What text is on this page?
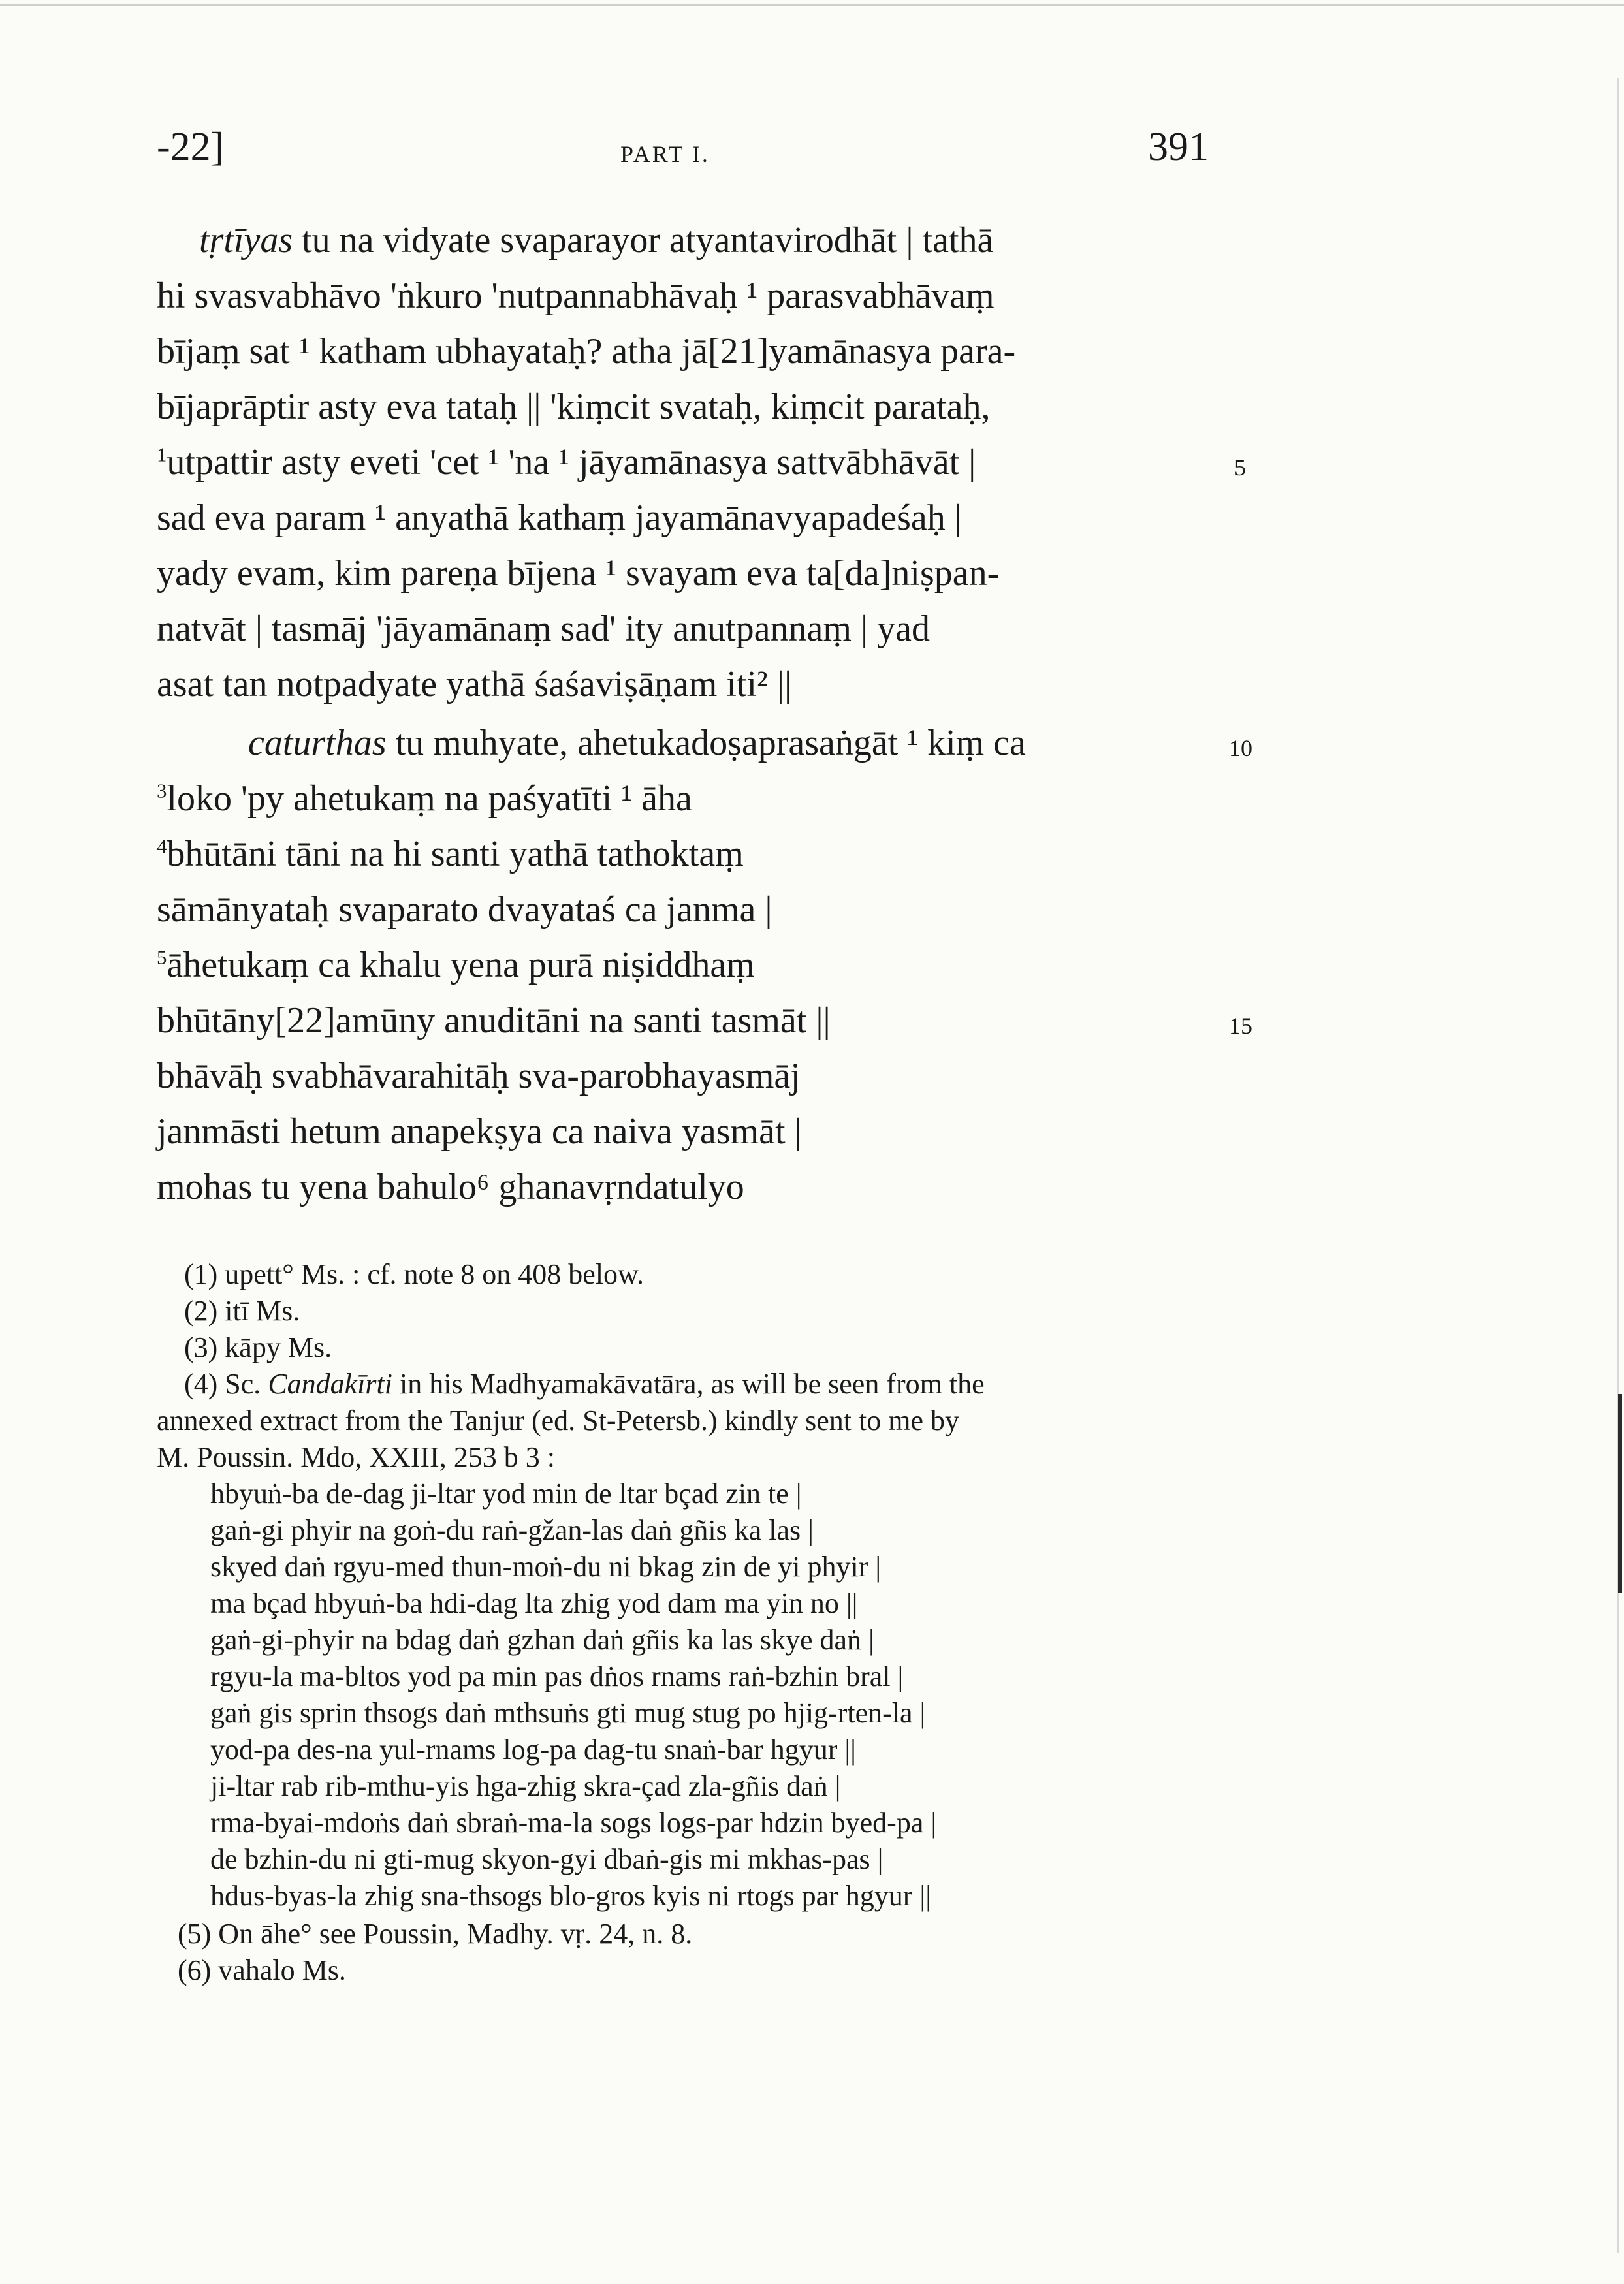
-22]	PART I.	391
tṛtīyas tu na vidyate svaparayor atyantavirodhāt | tathā
hi svasvabhāvo 'ṅkuro 'nutpannabhāvaḥ ¹ parasvabhāvaṃ
bījaṃ sat ¹ katham ubhayataḥ? atha jā[21]yamānasya para-
bījaprāptir asty eva tataḥ || 'kiṃcit svataḥ, kiṃcit parataḥ,
$^1$utpattir asty eveti 'cet ¹ 'na ¹ jāyamānasya sattvābhāvāt |
sad eva param ¹ anyathā kathaṃ jayamānavyapadeśaḥ |
yady evam, kim pareṇa bījena ¹ svayam eva ta[da]niṣpan-
natvāt | tasmāj 'jāyamānaṃ sad' ity anutpannaṃ | yad
asat tan notpadyate yathā śaśaviṣāṇam iti² ||
caturthas tu muhyate, ahetukadoṣaprasaṅgāt ¹ kiṃ ca
$^3$loko 'py ahetukaṃ na paśyatīti ¹ āha
$^4$bhūtāni tāni na hi santi yathā tathoktaṃ
sāmānyataḥ svaparato dvayataś ca janma |
$^5$āhetukaṃ ca khalu yena purā niṣiddhaṃ
bhūtāny[22]amūny anuditāni na santi tasmāt ||
bhāvāḥ svabhāvarahitāḥ sva-parobhayasmāj
janmāsti hetum anapekṣya ca naiva yasmāt |
mohas tu yena bahulo⁶ ghanavṛndatulyo
5
10
15
(1) upett° Ms. : cf. note 8 on 408 below.
(2) itī Ms.
(3) kāpy Ms.
(4) Sc. Candakīrti in his Madhyamakāvatāra, as will be seen from the
annexed extract from the Tanjur (ed. St-Petersb.) kindly sent to me by
M. Poussin. Mdo, XXIII, 253 b 3 :
hbyuṅ-ba de-dag ji-ltar yod min de ltar bçad zin te |
gaṅ-gi phyir na goṅ-du raṅ-gžan-las daṅ gñis ka las |
skyed daṅ rgyu-med thun-moṅ-du ni bkag zin de yi phyir |
ma bçad hbyuṅ-ba hdi-dag lta zhig yod dam ma yin no ||
gaṅ-gi-phyir na bdag daṅ gzhan daṅ gñis ka las skye daṅ |
rgyu-la ma-bltos yod pa min pas dṅos rnams raṅ-bzhin bral |
gaṅ gis sprin thsogs daṅ mthsuṅs gti mug stug po hjig-rten-la |
yod-pa des-na yul-rnams log-pa dag-tu snaṅ-bar hgyur ||
ji-ltar rab rib-mthu-yis hga-zhig skra-çad zla-gñis daṅ |
rma-byai-mdoṅs daṅ sbraṅ-ma-la sogs logs-par hdzin byed-pa |
de bzhin-du ni gti-mug skyon-gyi dbaṅ-gis mi mkhas-pas |
hdus-byas-la zhig sna-thsogs blo-gros kyis ni rtogs par hgyur ||
(5) On āhe° see Poussin, Madhy. vṛ. 24, n. 8.
(6) vahalo Ms.
